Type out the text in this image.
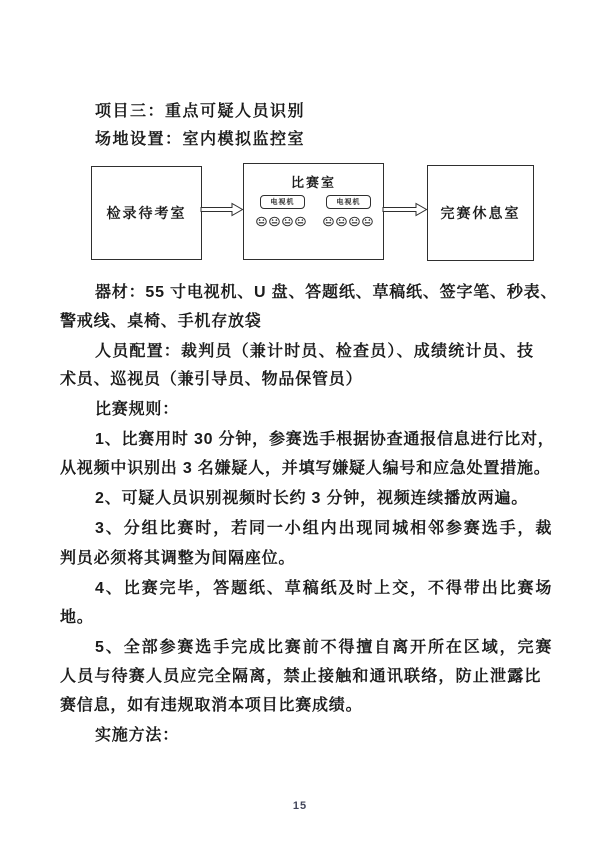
项目三：重点可疑人员识别
场地设置：室内模拟监控室
检录待考室
比赛室
电视机	电视机
完赛休息室
器材：55 寸电视机、U 盘、答题纸、草稿纸、签字笔、秒表、
警戒线、桌椅、手机存放袋
人员配置：裁判员（兼计时员、检查员）、成绩统计员、技
术员、巡视员（兼引导员、物品保管员）
比赛规则：
1、比赛用时 30 分钟，参赛选手根据协查通报信息进行比对，
从视频中识别出 3 名嫌疑人，并填写嫌疑人编号和应急处置措施。
2、可疑人员识别视频时长约 3 分钟，视频连续播放两遍。
3、分组比赛时，若同一小组内出现同城相邻参赛选手，裁
判员必须将其调整为间隔座位。
4、比赛完毕，答题纸、草稿纸及时上交，不得带出比赛场
地。
5、全部参赛选手完成比赛前不得擅自离开所在区域，完赛
人员与待赛人员应完全隔离，禁止接触和通讯联络，防止泄露比
赛信息，如有违规取消本项目比赛成绩。
实施方法：
15
